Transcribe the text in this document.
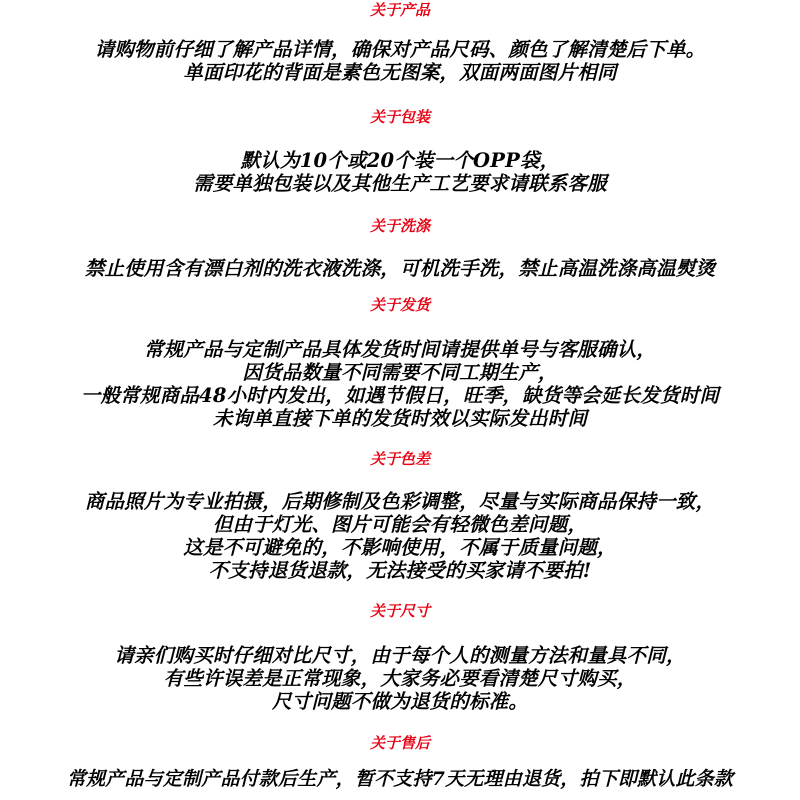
关于产品
请购物前仔细了解产品详情，确保对产品尺码、颜色了解清楚后下单。
单面印花的背面是素色无图案，双面两面图片相同
关于包装
默认为10个或20个装一个OPP袋，
需要单独包装以及其他生产工艺要求请联系客服
关于洗涤
禁止使用含有漂白剂的洗衣液洗涤，可机洗手洗，禁止高温洗涤高温熨烫
关于发货
常规产品与定制产品具体发货时间请提供单号与客服确认，
因货品数量不同需要不同工期生产，
一般常规商品48小时内发出，如遇节假日，旺季，缺货等会延长发货时间
未询单直接下单的发货时效以实际发出时间
关于色差
商品照片为专业拍摄，后期修制及色彩调整，尽量与实际商品保持一致，
但由于灯光、图片可能会有轻微色差问题，
这是不可避免的，不影响使用，不属于质量问题，
不支持退货退款，无法接受的买家请不要拍!
关于尺寸
请亲们购买时仔细对比尺寸，由于每个人的测量方法和量具不同，
有些许误差是正常现象，大家务必要看清楚尺寸购买，
尺寸问题不做为退货的标准。
关于售后
常规产品与定制产品付款后生产，暂不支持7天无理由退货，拍下即默认此条款
